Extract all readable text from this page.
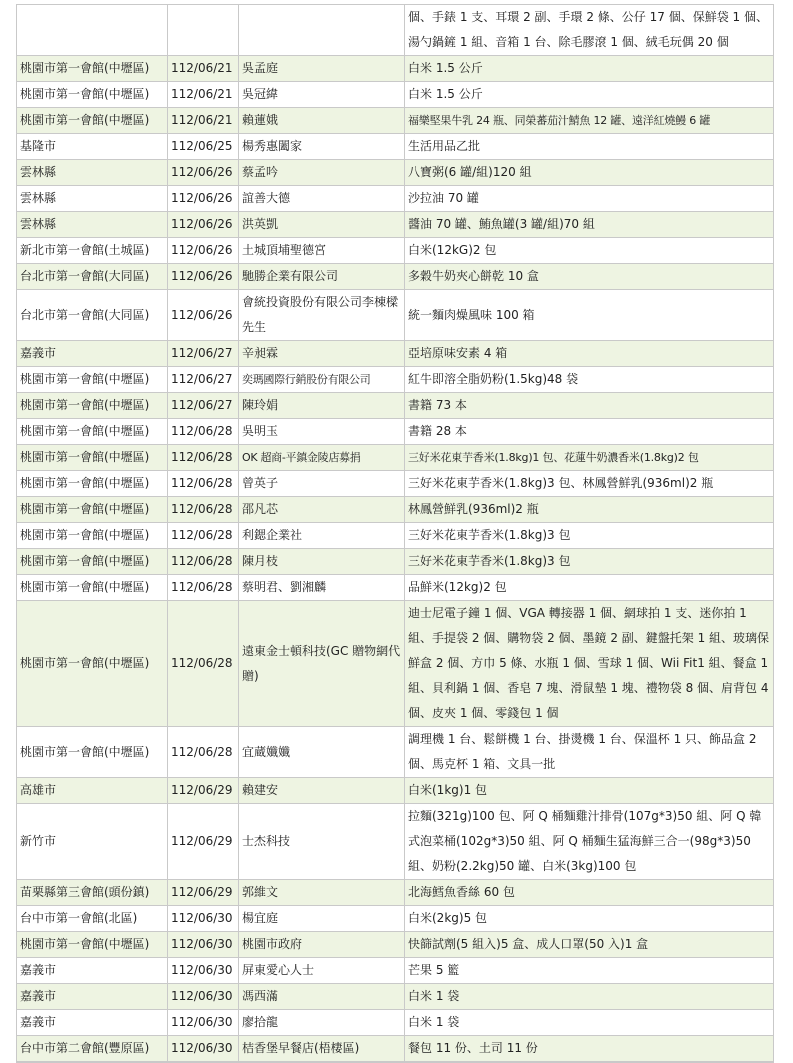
			個、手錶 1 支、耳環 2 副、手環 2 條、公仔 17 個、保鮮袋 1 個、湯勺鍋鏟 1 組、音箱 1 台、除毛膠滾 1 個、絨毛玩偶 20 個
桃園市第一會館(中壢區)	112/06/21	吳孟庭	白米 1.5 公斤
桃園市第一會館(中壢區)	112/06/21	吳冠緯	白米 1.5 公斤
桃園市第一會館(中壢區)	112/06/21	賴蓮娥	福樂堅果牛乳 24 瓶、同榮蕃茄汁鯖魚 12 罐、遠洋紅燒鰻 6 罐
基隆市	112/06/25	楊秀惠闔家	生活用品乙批
雲林縣	112/06/26	蔡孟吟	八寶粥(6 罐/組)120 組
雲林縣	112/06/26	誼善大德	沙拉油 70 罐
雲林縣	112/06/26	洪英凱	醬油 70 罐、鮪魚罐(3 罐/組)70 組
新北市第一會館(土城區)	112/06/26	土城頂埔聖德宮	白米(12kG)2 包
台北市第一會館(大同區)	112/06/26	馳勝企業有限公司	多穀牛奶夾心餅乾 10 盒
台北市第一會館(大同區)	112/06/26	會統投資股份有限公司李棟樑先生	統一麵肉燥風味 100 箱
嘉義市	112/06/27	辛昶霖	亞培原味安素 4 箱
桃園市第一會館(中壢區)	112/06/27	奕瑪國際行銷股份有限公司	紅牛即溶全脂奶粉(1.5kg)48 袋
桃園市第一會館(中壢區)	112/06/27	陳玲娟	書籍 73 本
桃園市第一會館(中壢區)	112/06/28	吳明玉	書籍 28 本
桃園市第一會館(中壢區)	112/06/28	OK 超商-平鎮金陵店募捐	三好米花東芋香米(1.8kg)1 包、花蓮牛奶濃香米(1.8kg)2 包
桃園市第一會館(中壢區)	112/06/28	曾英子	三好米花東芋香米(1.8kg)3 包、林鳳營鮮乳(936ml)2 瓶
桃園市第一會館(中壢區)	112/06/28	邵凡芯	林鳳營鮮乳(936ml)2 瓶
桃園市第一會館(中壢區)	112/06/28	利鍶企業社	三好米花東芋香米(1.8kg)3 包
桃園市第一會館(中壢區)	112/06/28	陳月枝	三好米花東芋香米(1.8kg)3 包
桃園市第一會館(中壢區)	112/06/28	蔡明君、劉湘麟	品鮮米(12kg)2 包
桃園市第一會館(中壢區)	112/06/28	遠東金士頓科技(GC 贈物網代贈)	迪士尼電子鐘 1 個、VGA 轉接器 1 個、網球拍 1 支、迷你拍 1 組、手提袋 2 個、購物袋 2 個、墨鏡 2 副、鍵盤托架 1 組、玻璃保鮮盒 2 個、方巾 5 條、水瓶 1 個、雪球 1 個、Wii Fit1 組、餐盒 1 組、貝利鍋 1 個、香皂 7 塊、滑鼠墊 1 塊、禮物袋 8 個、肩背包 4 個、皮夾 1 個、零錢包 1 個
桃園市第一會館(中壢區)	112/06/28	宜蔵孅孅	調理機 1 台、鬆餅機 1 台、掛燙機 1 台、保溫杯 1 只、飾品盒 2 個、馬克杯 1 箱、文具一批
高雄市	112/06/29	賴建安	白米(1kg)1 包
新竹市	112/06/29	士杰科技	拉麵(321g)100 包、阿 Q 桶麵雞汁排骨(107g*3)50 組、阿 Q 韓式泡菜桶(102g*3)50 組、阿 Q 桶麵生猛海鮮三合一(98g*3)50 組、奶粉(2.2kg)50 罐、白米(3kg)100 包
苗栗縣第三會館(頭份鎮)	112/06/29	郭維文	北海鱈魚香絲 60 包
台中市第一會館(北區)	112/06/30	楊宜庭	白米(2kg)5 包
桃園市第一會館(中壢區)	112/06/30	桃園市政府	快篩試劑(5 組入)5 盒、成人口罩(50 入)1 盒
嘉義市	112/06/30	屏東愛心人士	芒果 5 籃
嘉義市	112/06/30	馮西滿	白米 1 袋
嘉義市	112/06/30	廖拾龍	白米 1 袋
台中市第二會館(豐原區)	112/06/30	桔香堡早餐店(梧棲區)	餐包 11 份、土司 11 份
